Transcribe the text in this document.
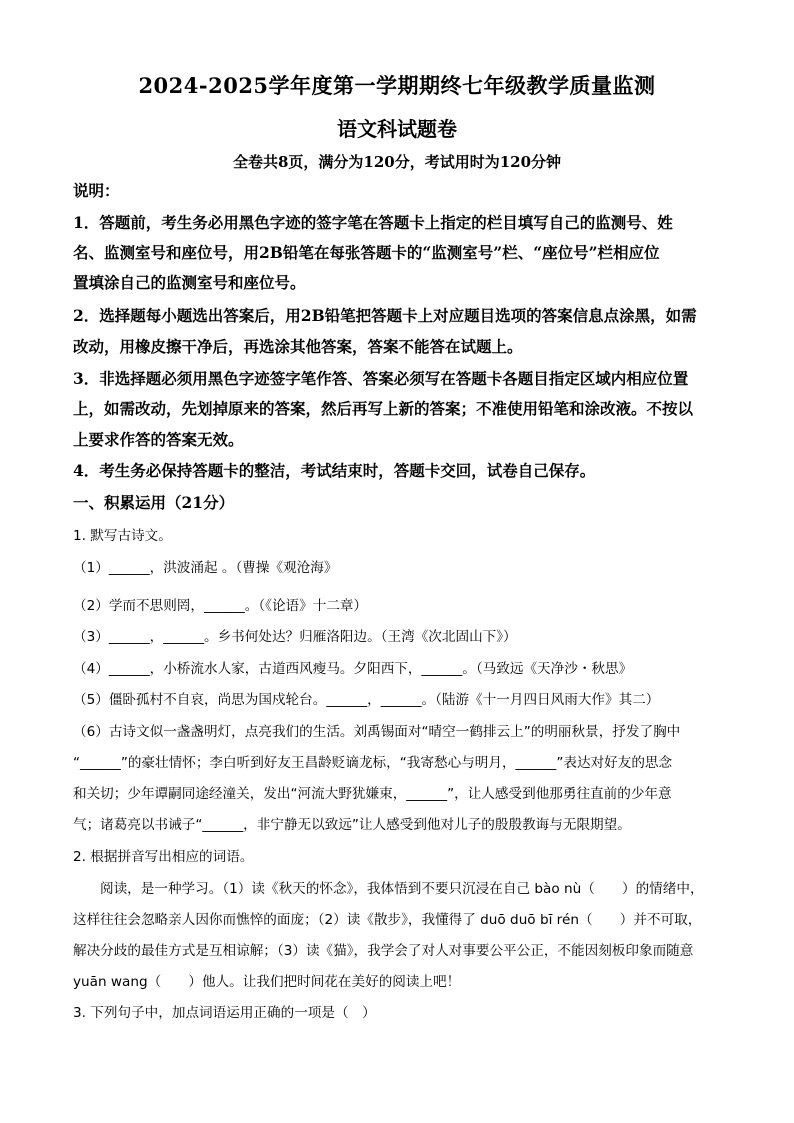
2024-2025学年度第一学期期终七年级教学质量监测
语文科试题卷
全卷共8页，满分为120分，考试用时为120分钟
说明：
1．答题前，考生务必用黑色字迹的签字笔在答题卡上指定的栏目填写自己的监测号、姓
名、监测室号和座位号，用2B铅笔在每张答题卡的“监测室号”栏、“座位号”栏相应位
置填涂自己的监测室号和座位号。
2．选择题每小题选出答案后，用2B铅笔把答题卡上对应题目选项的答案信息点涂黑，如需
改动，用橡皮擦干净后，再选涂其他答案，答案不能答在试题上。
3．非选择题必须用黑色字迹签字笔作答、答案必须写在答题卡各题目指定区域内相应位置
上，如需改动，先划掉原来的答案，然后再写上新的答案；不准使用铅笔和涂改液。不按以
上要求作答的答案无效。
4．考生务必保持答题卡的整洁，考试结束时，答题卡交回，试卷自己保存。
一、积累运用（21分）
1. 默写古诗文。
（1）______，洪波涌起 。（曹操《观沧海》
（2）学而不思则罔，______。（《论语》十二章）
（3）______，______。乡书何处达？归雁洛阳边。（王湾《次北固山下》）
（4）______，小桥流水人家，古道西风瘦马。夕阳西下，______。（马致远《天净沙・秋思》
（5）僵卧孤村不自哀，尚思为国戍轮台。______，______。（陆游《十一月四日风雨大作》其二）
（6）古诗文似一盏盏明灯，点亮我们的生活。刘禹锡面对“晴空一鹤排云上”的明丽秋景，抒发了胸中
“______”的豪壮情怀；李白听到好友王昌龄贬谪龙标，“我寄愁心与明月，______”表达对好友的思念
和关切；少年谭嗣同途经潼关，发出“河流大野犹嫌束，______”，让人感受到他那勇往直前的少年意
气；诸葛亮以书诫子“______，非宁静无以致远”让人感受到他对儿子的殷殷教诲与无限期望。
2. 根据拼音写出相应的词语。
阅读，是一种学习。（1）读《秋天的怀念》，我体悟到不要只沉浸在自己 bào nù（　　）的情绪中，
这样往往会忽略亲人因你而憔悴的面庞；（2）读《散步》，我懂得了 duō duō bī rén（　　）并不可取，
解决分歧的最佳方式是互相谅解；（3）读《猫》，我学会了对人对事要公平公正，不能因刻板印象而随意
yuān wang（　　）他人。让我们把时间花在美好的阅读上吧！
3. 下列句子中，加点词语运用正确的一项是（　）
